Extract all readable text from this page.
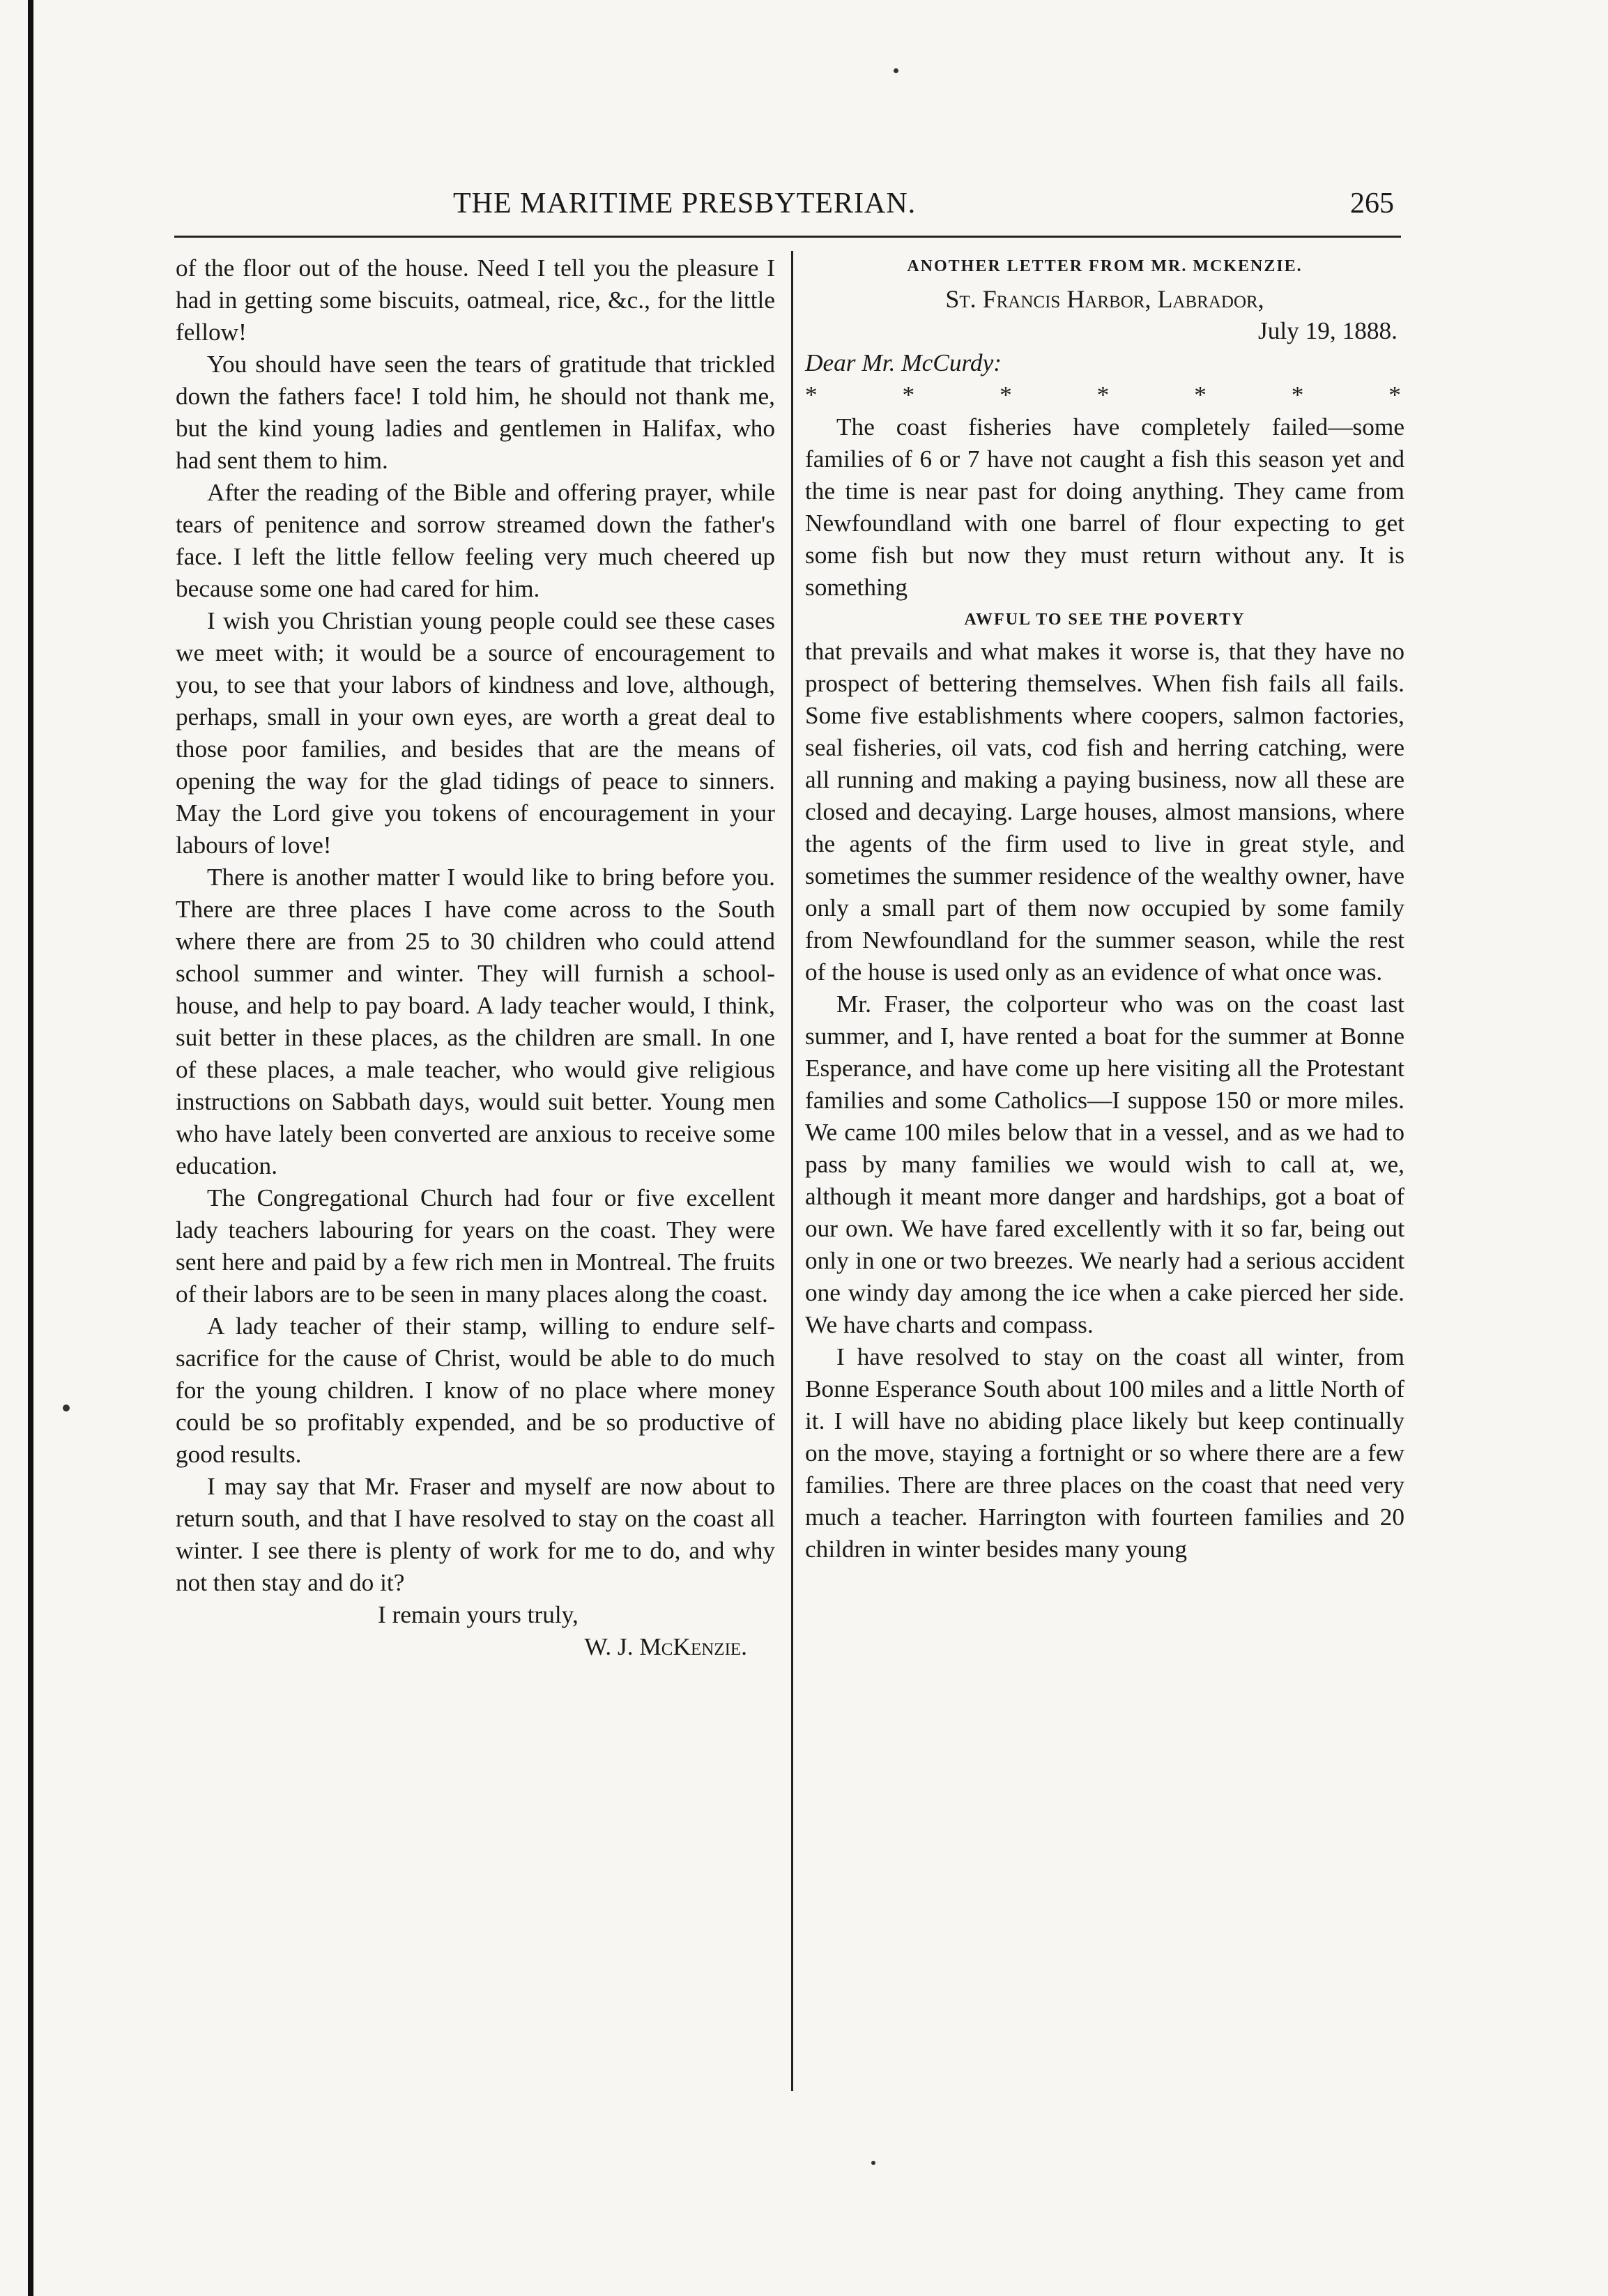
THE MARITIME PRESBYTERIAN.	265

of the floor out of the house. Need I tell you the pleasure I had in getting some biscuits, oatmeal, rice, &c., for the little fellow!

You should have seen the tears of gratitude that trickled down the fathers face! I told him, he should not thank me, but the kind young ladies and gentlemen in Halifax, who had sent them to him.

After the reading of the Bible and offering prayer, while tears of penitence and sorrow streamed down the father's face. I left the little fellow feeling very much cheered up because some one had cared for him.

I wish you Christian young people could see these cases we meet with; it would be a source of encouragement to you, to see that your labors of kindness and love, although, perhaps, small in your own eyes, are worth a great deal to those poor families, and besides that are the means of opening the way for the glad tidings of peace to sinners. May the Lord give you tokens of encouragement in your labours of love!

There is another matter I would like to bring before you. There are three places I have come across to the South where there are from 25 to 30 children who could attend school summer and winter. They will furnish a school-house, and help to pay board. A lady teacher would, I think, suit better in these places, as the children are small. In one of these places, a male teacher, who would give religious instructions on Sabbath days, would suit better. Young men who have lately been converted are anxious to receive some education.

The Congregational Church had four or five excellent lady teachers labouring for years on the coast. They were sent here and paid by a few rich men in Montreal. The fruits of their labors are to be seen in many places along the coast.

A lady teacher of their stamp, willing to endure self-sacrifice for the cause of Christ, would be able to do much for the young children. I know of no place where money could be so profitably expended, and be so productive of good results.

I may say that Mr. Fraser and myself are now about to return south, and that I have resolved to stay on the coast all winter. I see there is plenty of work for me to do, and why not then stay and do it?

I remain yours truly,
W. J. McKenzie.
ANOTHER LETTER FROM MR. MCKENZIE.
St. Francis Harbor, Labrador,
July 19, 1888.
Dear Mr. McCurdy:
*	*	*	*	*	*	*

The coast fisheries have completely failed—some families of 6 or 7 have not caught a fish this season yet and the time is near past for doing anything. They came from Newfoundland with one barrel of flour expecting to get some fish but now they must return without any. It is something

AWFUL TO SEE THE POVERTY

that prevails and what makes it worse is, that they have no prospect of bettering themselves. When fish fails all fails. Some five establishments where coopers, salmon factories, seal fisheries, oil vats, cod fish and herring catching, were all running and making a paying business, now all these are closed and decaying. Large houses, almost mansions, where the agents of the firm used to live in great style, and sometimes the summer residence of the wealthy owner, have only a small part of them now occupied by some family from Newfoundland for the summer season, while the rest of the house is used only as an evidence of what once was.

Mr. Fraser, the colporteur who was on the coast last summer, and I, have rented a boat for the summer at Bonne Esperance, and have come up here visiting all the Protestant families and some Catholics—I suppose 150 or more miles. We came 100 miles below that in a vessel, and as we had to pass by many families we would wish to call at, we, although it meant more danger and hardships, got a boat of our own. We have fared excellently with it so far, being out only in one or two breezes. We nearly had a serious accident one windy day among the ice when a cake pierced her side. We have charts and compass.

I have resolved to stay on the coast all winter, from Bonne Esperance South about 100 miles and a little North of it. I will have no abiding place likely but keep continually on the move, staying a fortnight or so where there are a few families. There are three places on the coast that need very much a teacher. Harrington with fourteen families and 20 children in winter besides many young
